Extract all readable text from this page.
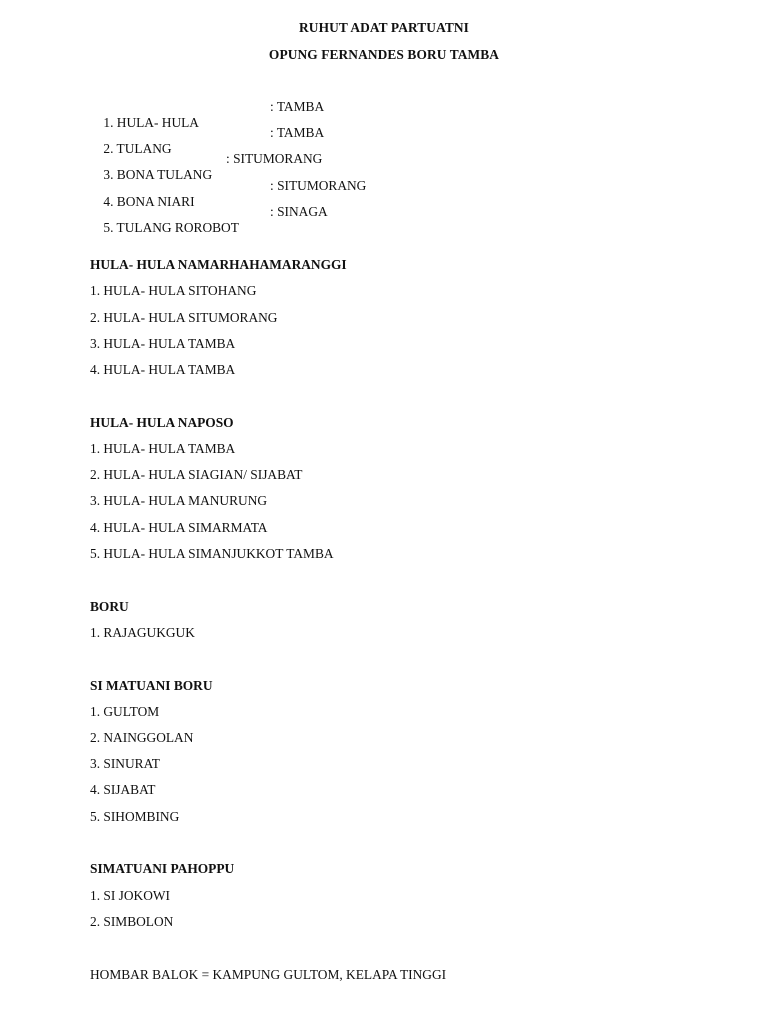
RUHUT ADAT PARTUATNI
OPUNG FERNANDES BORU TAMBA

1. HULA- HULA

: TAMBA

2. TULANG

: TAMBA

3. BONA TULANG

: SITUMORANG

4. BONA NIARI

: SITUMORANG

5. TULANG ROROBOT

: SINAGA
HULA- HULA NAMARHAHAMARANGGI
1. HULA- HULA SITOHANG
2. HULA- HULA SITUMORANG
3. HULA- HULA TAMBA
4. HULA- HULA TAMBA
HULA- HULA NAPOSO
1. HULA- HULA TAMBA
2. HULA- HULA SIAGIAN/ SIJABAT
3. HULA- HULA MANURUNG
4. HULA- HULA SIMARMATA
5. HULA- HULA SIMANJUKKOT TAMBA
BORU
1. RAJAGUKGUK
SI MATUANI BORU
1. GULTOM
2. NAINGGOLAN
3. SINURAT
4. SIJABAT
5. SIHOMBING
SIMATUANI PAHOPPU
1. SI JOKOWI
2. SIMBOLON
HOMBAR BALOK = KAMPUNG GULTOM, KELAPA TINGGI
